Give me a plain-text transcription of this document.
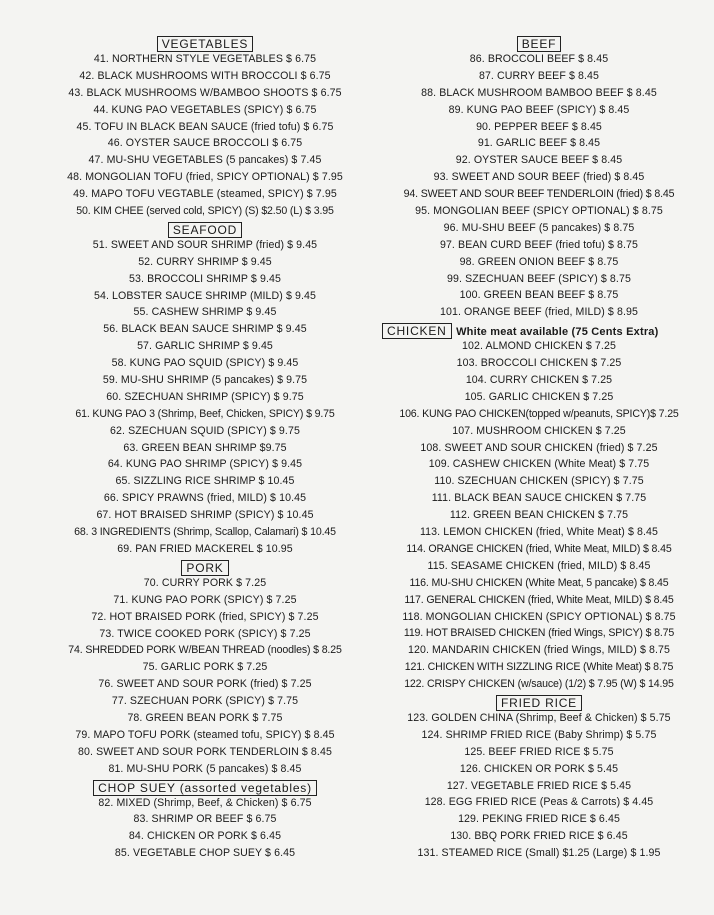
VEGETABLES
41. NORTHERN STYLE VEGETABLES $ 6.75
42. BLACK MUSHROOMS WITH BROCCOLI $ 6.75
43. BLACK MUSHROOMS W/BAMBOO SHOOTS $ 6.75
44. KUNG PAO VEGETABLES (SPICY) $ 6.75
45. TOFU IN BLACK BEAN SAUCE (fried tofu) $ 6.75
46. OYSTER SAUCE BROCCOLI $ 6.75
47. MU-SHU VEGETABLES (5 pancakes) $ 7.45
48. MONGOLIAN TOFU (fried, SPICY OPTIONAL) $ 7.95
49. MAPO TOFU VEGTABLE (steamed, SPICY) $ 7.95
50. KIM CHEE (served cold, SPICY) (S) $2.50 (L) $ 3.95
SEAFOOD
51. SWEET AND SOUR SHRIMP (fried) $ 9.45
52. CURRY SHRIMP $ 9.45
53. BROCCOLI SHRIMP $ 9.45
54. LOBSTER SAUCE SHRIMP (MILD) $ 9.45
55. CASHEW SHRIMP $ 9.45
56. BLACK BEAN SAUCE SHRIMP $ 9.45
57. GARLIC SHRIMP $ 9.45
58. KUNG PAO SQUID (SPICY) $ 9.45
59. MU-SHU SHRIMP (5 pancakes) $ 9.75
60. SZECHUAN SHRIMP (SPICY) $ 9.75
61. KUNG PAO 3 (Shrimp, Beef, Chicken, SPICY) $ 9.75
62. SZECHUAN SQUID (SPICY) $ 9.75
63. GREEN BEAN SHRIMP $9.75
64. KUNG PAO SHRIMP (SPICY) $ 9.45
65. SIZZLING RICE SHRIMP $ 10.45
66. SPICY PRAWNS (fried, MILD) $ 10.45
67. HOT BRAISED SHRIMP (SPICY) $ 10.45
68. 3 INGREDIENTS (Shrimp, Scallop, Calamari) $ 10.45
69. PAN FRIED MACKEREL $ 10.95
PORK
70. CURRY PORK $ 7.25
71. KUNG PAO PORK (SPICY) $ 7.25
72. HOT BRAISED PORK (fried, SPICY) $ 7.25
73. TWICE COOKED PORK (SPICY) $ 7.25
74. SHREDDED PORK W/BEAN THREAD (noodles) $ 8.25
75. GARLIC PORK $ 7.25
76. SWEET AND SOUR PORK (fried) $ 7.25
77. SZECHUAN PORK (SPICY) $ 7.75
78. GREEN BEAN PORK $ 7.75
79. MAPO TOFU PORK (steamed tofu, SPICY) $ 8.45
80. SWEET AND SOUR PORK TENDERLOIN $ 8.45
81. MU-SHU PORK (5 pancakes) $ 8.45
CHOP SUEY (assorted vegetables)
82. MIXED (Shrimp, Beef, & Chicken) $ 6.75
83. SHRIMP OR BEEF $ 6.75
84. CHICKEN OR PORK $ 6.45
85. VEGETABLE CHOP SUEY $ 6.45
BEEF
86. BROCCOLI BEEF $ 8.45
87. CURRY BEEF $ 8.45
88. BLACK MUSHROOM BAMBOO BEEF $ 8.45
89. KUNG PAO BEEF (SPICY) $ 8.45
90. PEPPER BEEF $ 8.45
91. GARLIC BEEF $ 8.45
92. OYSTER SAUCE BEEF $ 8.45
93. SWEET AND SOUR BEEF (fried) $ 8.45
94. SWEET AND SOUR BEEF TENDERLOIN (fried) $ 8.45
95. MONGOLIAN BEEF (SPICY OPTIONAL) $ 8.75
96. MU-SHU BEEF (5 pancakes) $ 8.75
97. BEAN CURD BEEF (fried tofu) $ 8.75
98. GREEN ONION BEEF $ 8.75
99. SZECHUAN BEEF (SPICY) $ 8.75
100. GREEN BEAN BEEF $ 8.75
101. ORANGE BEEF (fried, MILD) $ 8.95
CHICKEN White meat available (75 Cents Extra)
102. ALMOND CHICKEN $ 7.25
103. BROCCOLI CHICKEN $ 7.25
104. CURRY CHICKEN $ 7.25
105. GARLIC CHICKEN $ 7.25
106. KUNG PAO CHICKEN(topped w/peanuts, SPICY)$ 7.25
107. MUSHROOM CHICKEN $ 7.25
108. SWEET AND SOUR CHICKEN (fried) $ 7.25
109. CASHEW CHICKEN (White Meat) $ 7.75
110. SZECHUAN CHICKEN (SPICY) $ 7.75
111. BLACK BEAN SAUCE CHICKEN $ 7.75
112. GREEN BEAN CHICKEN $ 7.75
113. LEMON CHICKEN (fried, White Meat) $ 8.45
114. ORANGE CHICKEN (fried, White Meat, MILD) $ 8.45
115. SEASAME CHICKEN (fried, MILD) $ 8.45
116. MU-SHU CHICKEN (White Meat, 5 pancake) $ 8.45
117. GENERAL CHICKEN (fried, White Meat, MILD) $ 8.45
118. MONGOLIAN CHICKEN (SPICY OPTIONAL) $ 8.75
119. HOT BRAISED CHICKEN (fried Wings, SPICY) $ 8.75
120. MANDARIN CHICKEN (fried Wings, MILD) $ 8.75
121. CHICKEN WITH SIZZLING RICE (White Meat) $ 8.75
122. CRISPY CHICKEN (w/sauce) (1/2) $ 7.95 (W) $ 14.95
FRIED RICE
123. GOLDEN CHINA (Shrimp, Beef & Chicken) $ 5.75
124. SHRIMP FRIED RICE (Baby Shrimp) $ 5.75
125. BEEF FRIED RICE $ 5.75
126. CHICKEN OR PORK $ 5.45
127. VEGETABLE FRIED RICE $ 5.45
128. EGG FRIED RICE (Peas & Carrots) $ 4.45
129. PEKING FRIED RICE $ 6.45
130. BBQ PORK FRIED RICE $ 6.45
131. STEAMED RICE (Small) $1.25 (Large) $ 1.95
